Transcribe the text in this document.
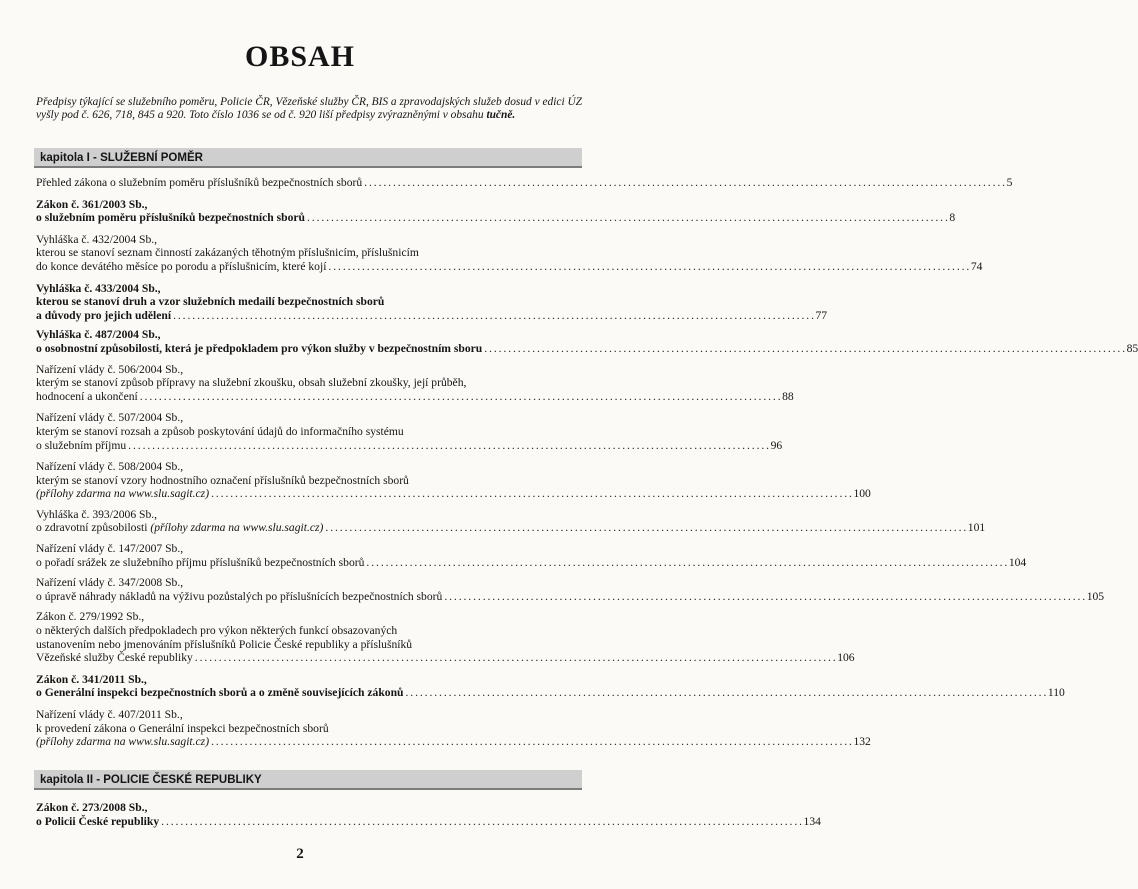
OBSAH
Předpisy týkající se služebního poměru, Policie ČR, Vězeňské služby ČR, BIS a zpravodajských služeb dosud v edici ÚZ vyšly pod č. 626, 718, 845 a 920. Toto číslo 1036 se od č. 920 liší předpisy zvýrazněnými v obsahu tučně.
kapitola I - SLUŽEBNÍ POMĚR
Přehled zákona o služebním poměru příslušníků bezpečnostních sborů . . .	5
Zákon č. 361/2003 Sb.,
o služebním poměru příslušníků bezpečnostních sborů . . .	8
Vyhláška č. 432/2004 Sb.,
kterou se stanoví seznam činností zakázaných těhotným příslušnicím, příslušnicím
do konce devátého měsíce po porodu a příslušnicím, které kojí . . .	74
Vyhláška č. 433/2004 Sb.,
kterou se stanoví druh a vzor služebních medailí bezpečnostních sborů
a důvody pro jejich udělení . . .	77
Vyhláška č. 487/2004 Sb.,
o osobnostní způsobilosti, která je předpokladem pro výkon služby v bezpečnostním sboru . . .	85
Nařízení vlády č. 506/2004 Sb.,
kterým se stanoví způsob přípravy na služební zkoušku, obsah služební zkoušky, její průběh,
hodnocení a ukončení . . .	88
Nařízení vlády č. 507/2004 Sb.,
kterým se stanoví rozsah a způsob poskytování údajů do informačního systému
o služebním příjmu . . .	96
Nařízení vlády č. 508/2004 Sb.,
kterým se stanoví vzory hodnostního označení příslušníků bezpečnostních sborů
(přílohy zdarma na www.slu.sagit.cz) . . .	100
Vyhláška č. 393/2006 Sb.,
o zdravotní způsobilosti (přílohy zdarma na www.slu.sagit.cz) . . .	101
Nařízení vlády č. 147/2007 Sb.,
o pořadí srážek ze služebního příjmu příslušníků bezpečnostních sborů . . .	104
Nařízení vlády č. 347/2008 Sb.,
o úpravě náhrady nákladů na výživu pozůstalých po příslušnících bezpečnostních sborů . . .	105
Zákon č. 279/1992 Sb.,
o některých dalších předpokladech pro výkon některých funkcí obsazovaných
ustanovením nebo jmenováním příslušníků Policie České republiky a příslušníků
Vězeňské služby České republiky . . .	106
Zákon č. 341/2011 Sb.,
o Generální inspekci bezpečnostních sborů a o změně souvisejících zákonů . . .	110
Nařízení vlády č. 407/2011 Sb.,
k provedení zákona o Generální inspekci bezpečnostních sborů
(přílohy zdarma na www.slu.sagit.cz) . . .	132
kapitola II - POLICIE ČESKÉ REPUBLIKY
Zákon č. 273/2008 Sb.,
o Policii České republiky . . .	134
2
